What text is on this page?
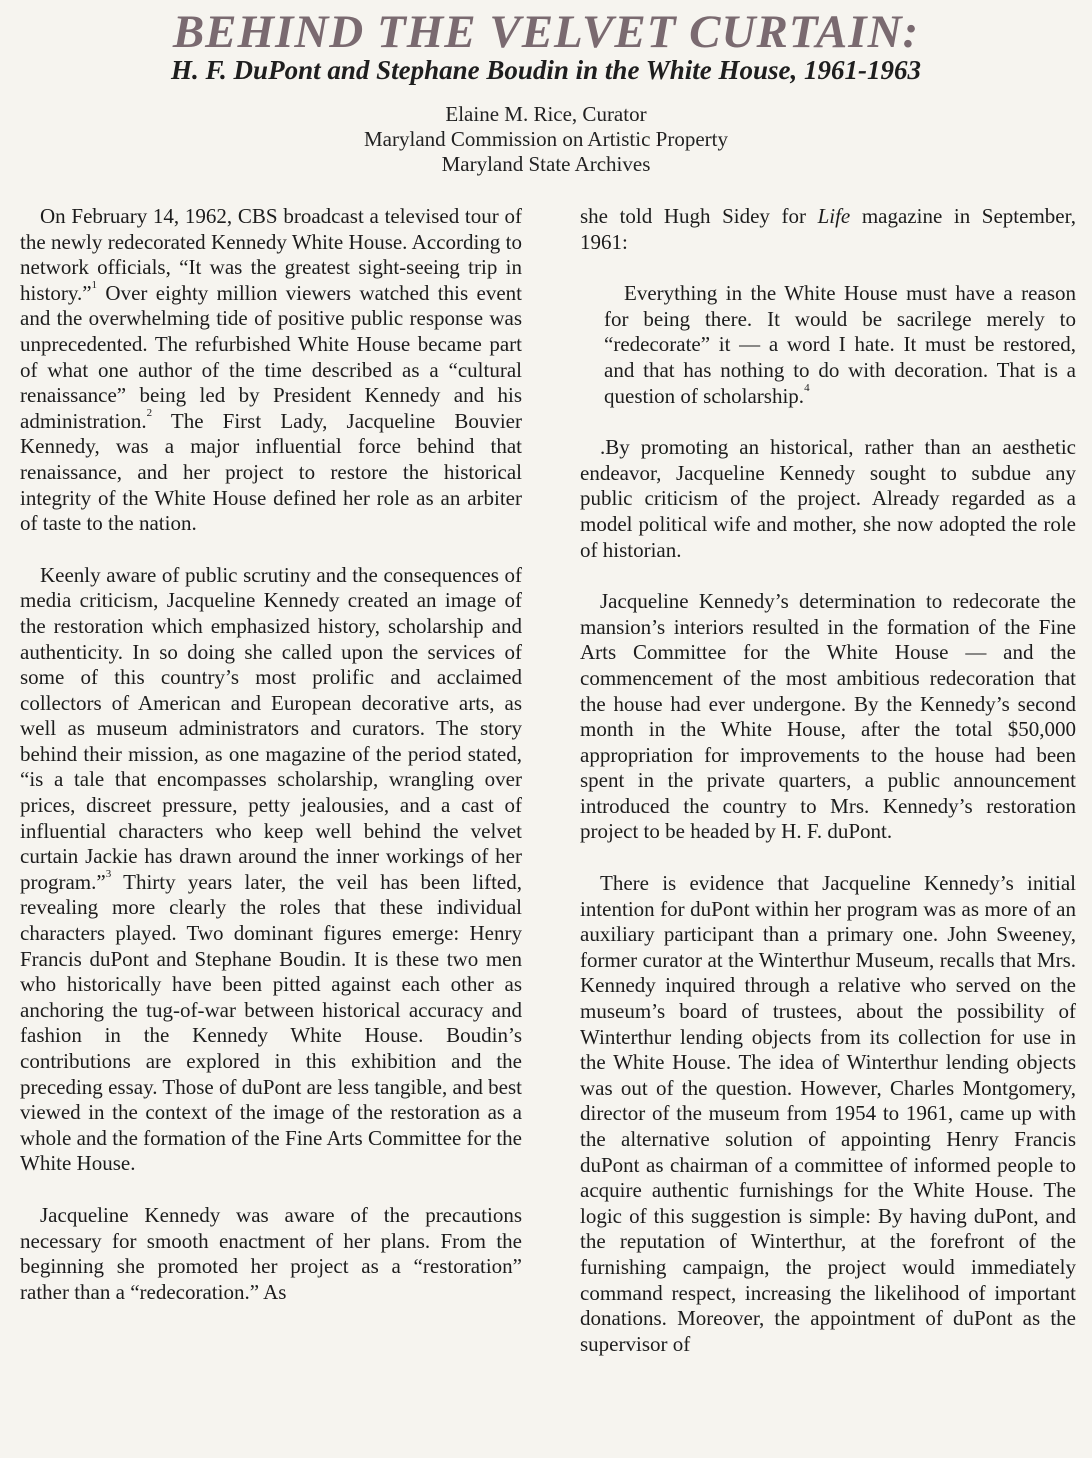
BEHIND THE VELVET CURTAIN:
H. F. DuPont and Stephane Boudin in the White House, 1961-1963
Elaine M. Rice, Curator
Maryland Commission on Artistic Property
Maryland State Archives

On February 14, 1962, CBS broadcast a televised tour of the newly redecorated Kennedy White House. According to network officials, “It was the greatest sight-seeing trip in history.”$^1$ Over eighty million viewers watched this event and the overwhelming tide of positive public response was unprecedented. The refurbished White House became part of what one author of the time described as a “cultural renaissance” being led by President Kennedy and his administration.$^2$ The First Lady, Jacqueline Bouvier Kennedy, was a major influential force behind that renaissance, and her project to restore the historical integrity of the White House defined her role as an arbiter of taste to the nation.

Keenly aware of public scrutiny and the consequences of media criticism, Jacqueline Kennedy created an image of the restoration which emphasized history, scholarship and authenticity. In so doing she called upon the services of some of this country’s most prolific and acclaimed collectors of American and European decorative arts, as well as museum administrators and curators. The story behind their mission, as one magazine of the period stated, “is a tale that encompasses scholarship, wrangling over prices, discreet pressure, petty jealousies, and a cast of influential characters who keep well behind the velvet curtain Jackie has drawn around the inner workings of her program.”$^3$ Thirty years later, the veil has been lifted, revealing more clearly the roles that these individual characters played. Two dominant figures emerge: Henry Francis duPont and Stephane Boudin. It is these two men who historically have been pitted against each other as anchoring the tug-of-war between historical accuracy and fashion in the Kennedy White House. Boudin’s contributions are explored in this exhibition and the preceding essay. Those of duPont are less tangible, and best viewed in the context of the image of the restoration as a whole and the formation of the Fine Arts Committee for the White House.

Jacqueline Kennedy was aware of the precautions necessary for smooth enactment of her plans. From the beginning she promoted her project as a “restoration” rather than a “redecoration.” As

she told Hugh Sidey for Life magazine in September, 1961:

Everything in the White House must have a reason for being there. It would be sacrilege merely to “redecorate” it — a word I hate. It must be restored, and that has nothing to do with decoration. That is a question of scholarship.$^4$

.By promoting an historical, rather than an aesthetic endeavor, Jacqueline Kennedy sought to subdue any public criticism of the project. Already regarded as a model political wife and mother, she now adopted the role of historian.

Jacqueline Kennedy’s determination to redecorate the mansion’s interiors resulted in the formation of the Fine Arts Committee for the White House — and the commencement of the most ambitious redecoration that the house had ever undergone. By the Kennedy’s second month in the White House, after the total $50,000 appropriation for improvements to the house had been spent in the private quarters, a public announcement introduced the country to Mrs. Kennedy’s restoration project to be headed by H. F. duPont.

There is evidence that Jacqueline Kennedy’s initial intention for duPont within her program was as more of an auxiliary participant than a primary one. John Sweeney, former curator at the Winterthur Museum, recalls that Mrs. Kennedy inquired through a relative who served on the museum’s board of trustees, about the possibility of Winterthur lending objects from its collection for use in the White House. The idea of Winterthur lending objects was out of the question. However, Charles Montgomery, director of the museum from 1954 to 1961, came up with the alternative solution of appointing Henry Francis duPont as chairman of a committee of informed people to acquire authentic furnishings for the White House. The logic of this suggestion is simple: By having duPont, and the reputation of Winterthur, at the forefront of the furnishing campaign, the project would immediately command respect, increasing the likelihood of important donations. Moreover, the appointment of duPont as the supervisor of
